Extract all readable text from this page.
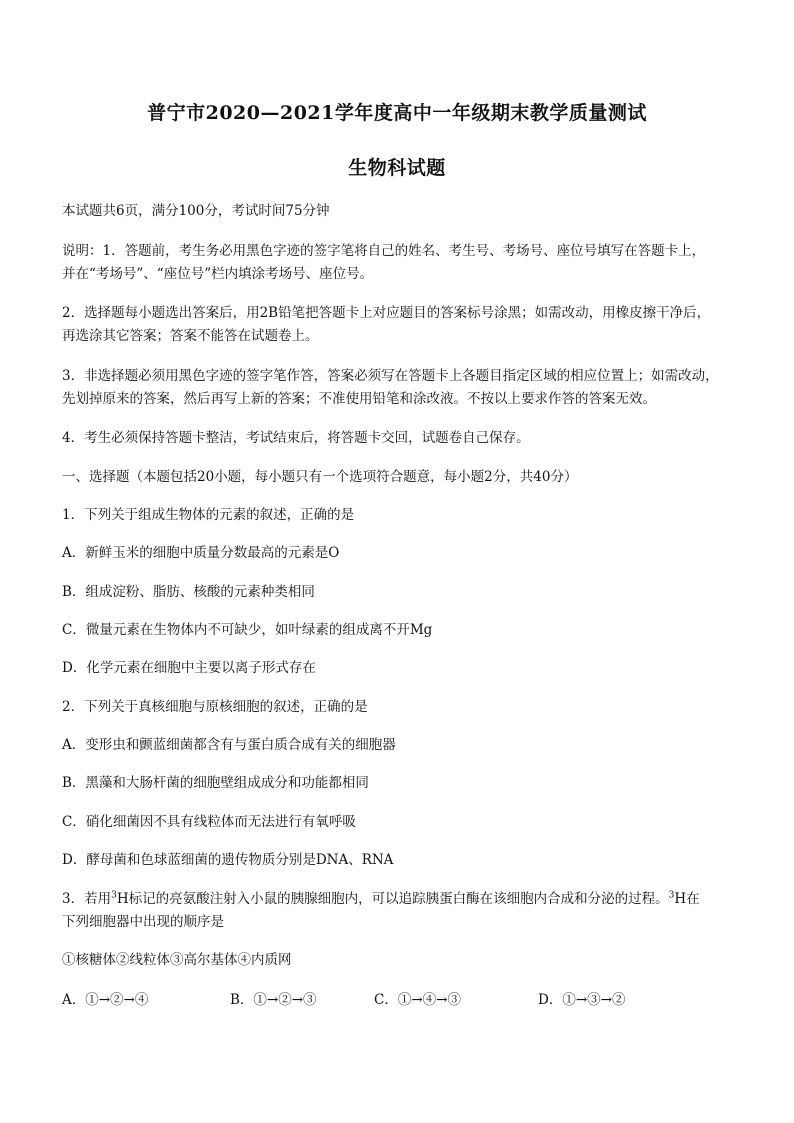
普宁市2020—2021学年度高中一年级期末教学质量测试
生物科试题
本试题共6页，满分100分，考试时间75分钟
说明：1．答题前，考生务必用黑色字迹的签字笔将自己的姓名、考生号、考场号、座位号填写在答题卡上，
并在“考场号”、“座位号”栏内填涂考场号、座位号。
2．选择题每小题选出答案后，用2B铅笔把答题卡上对应题目的答案标号涂黑；如需改动，用橡皮擦干净后，
再选涂其它答案；答案不能答在试题卷上。
3．非选择题必须用黑色字迹的签字笔作答，答案必须写在答题卡上各题目指定区域的相应位置上；如需改动，
先划掉原来的答案，然后再写上新的答案；不准使用铅笔和涂改液。不按以上要求作答的答案无效。
4．考生必须保持答题卡整洁，考试结束后，将答题卡交回，试题卷自己保存。
一、选择题（本题包括20小题，每小题只有一个选项符合题意，每小题2分，共40分）
1．下列关于组成生物体的元素的叙述，正确的是
A．新鲜玉米的细胞中质量分数最高的元素是O
B．组成淀粉、脂肪、核酸的元素种类相同
C．微量元素在生物体内不可缺少，如叶绿素的组成离不开Mg
D．化学元素在细胞中主要以离子形式存在
2．下列关于真核细胞与原核细胞的叙述，正确的是
A．变形虫和颤蓝细菌都含有与蛋白质合成有关的细胞器
B．黑藻和大肠杆菌的细胞壁组成成分和功能都相同
C．硝化细菌因不具有线粒体而无法进行有氧呼吸
D．酵母菌和色球蓝细菌的遗传物质分别是DNA、RNA
3．若用$^3$H标记的亮氨酸注射入小鼠的胰腺细胞内，可以追踪胰蛋白酶在该细胞内合成和分泌的过程。$^3$H在
下列细胞器中出现的顺序是
①核糖体②线粒体③高尔基体④内质网
A．①→②→④	B．①→②→③	C．①→④→③	D．①→③→②
